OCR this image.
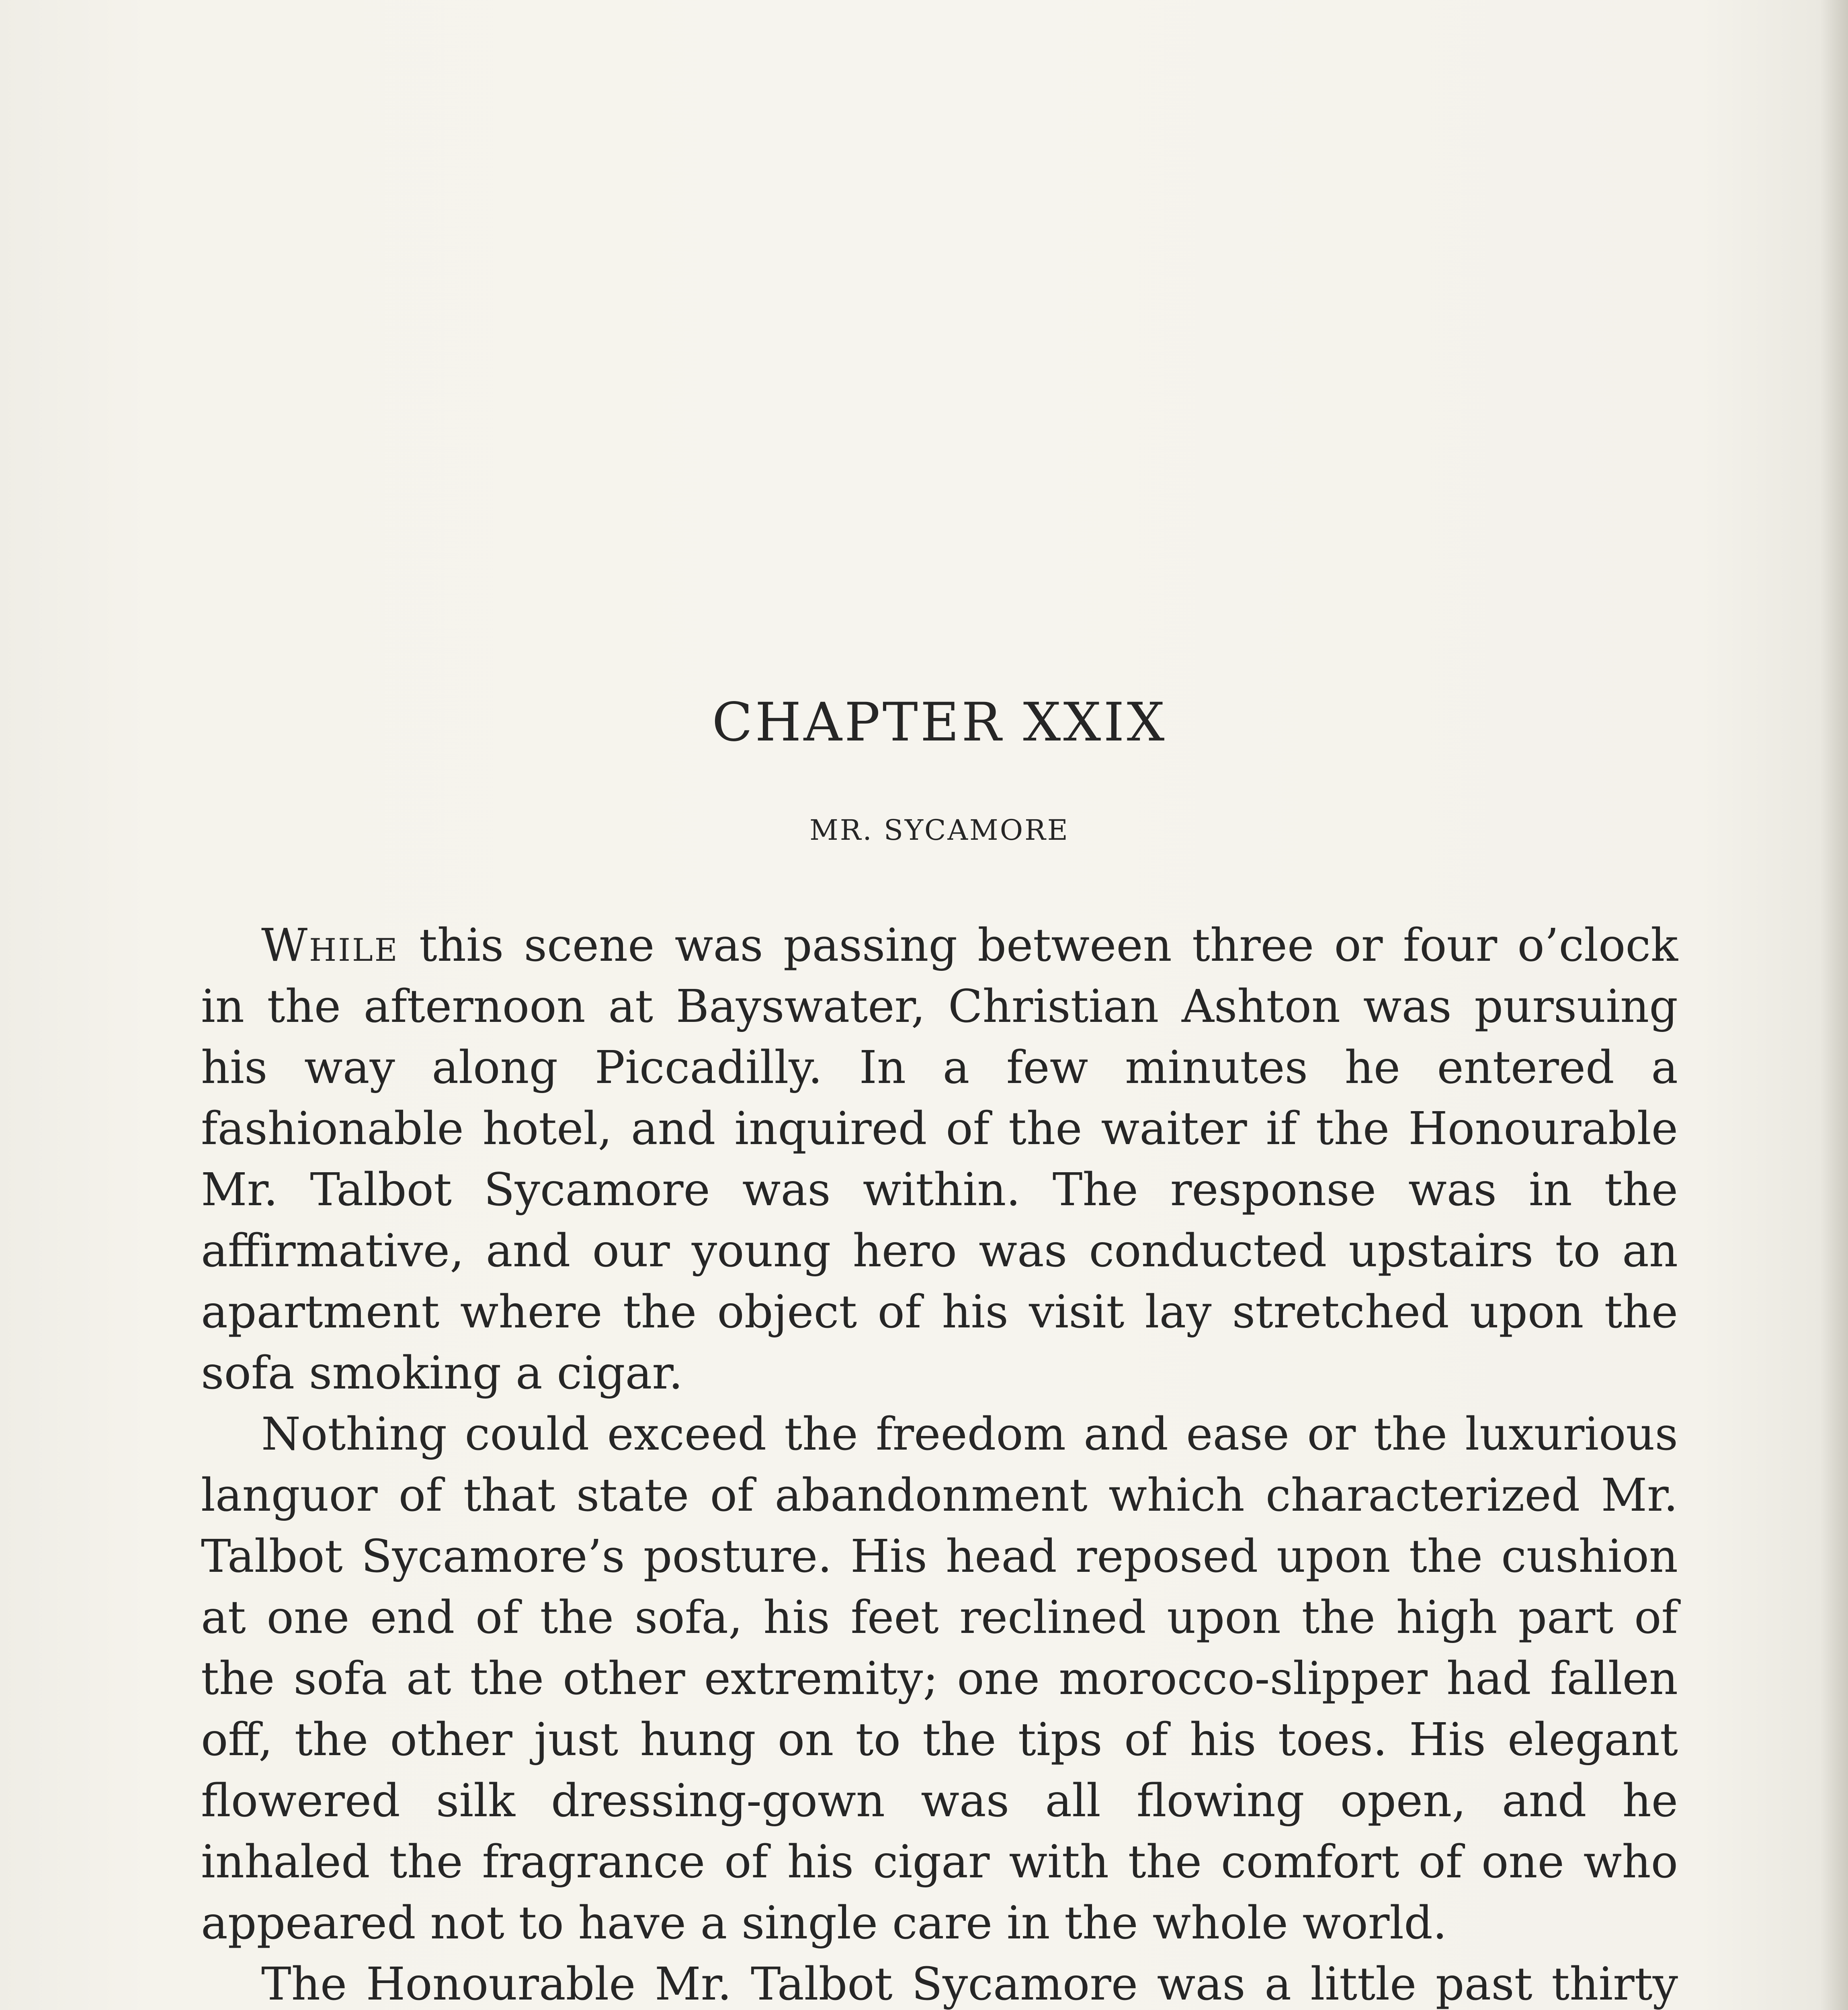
CHAPTER XXIX
MR. SYCAMORE

While this scene was passing between three or four o’clock in the afternoon at Bayswater, Christian Ashton was pursuing his way along Piccadilly. In a few minutes he entered a fashionable hotel, and inquired of the waiter if the Honourable Mr. Talbot Sycamore was within. The response was in the affirmative, and our young hero was conducted upstairs to an apartment where the object of his visit lay stretched upon the sofa smoking a cigar.

Nothing could exceed the freedom and ease or the luxurious languor of that state of abandonment which characterized Mr. Talbot Sycamore’s posture. His head reposed upon the cushion at one end of the sofa, his feet reclined upon the high part of the sofa at the other extremity; one morocco-slipper had fallen off, the other just hung on to the tips of his toes. His elegant flowered silk dressing-gown was all flowing open, and he inhaled the fragrance of his cigar with the comfort of one who appeared not to have a single care in the whole world.

The Honourable Mr. Talbot Sycamore was a little past thirty
